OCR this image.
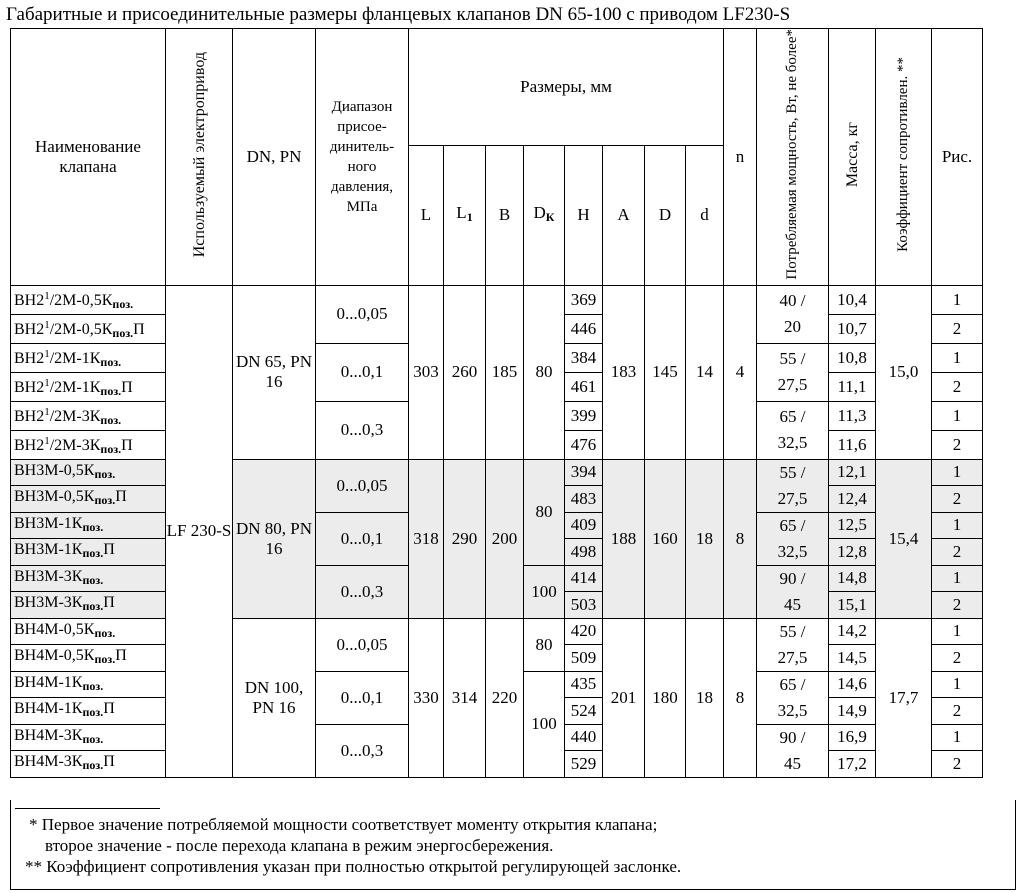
Габаритные и присоединительные размеры фланцевых клапанов DN 65-100 с приводом LF230-S
Наименование клапана	Используемый электропривод	DN, PN	Диапазон присое-динитель-ного давления, МПа	Размеры, мм								n	Потребляемая мощность, Вт, не более*	Масса, кг	Коэффициент сопротивлен. **	Рис.
				L	$L_1$	B	$D_К$	H	A	D	d					
$ВН2^1/2М-0,5К_{поз.}$	LF 230-S	DN 65, PN 16	0...0,05	303	260	185	80	369	183	145	14	4	40 / 20	10,4	15,0	1
$ВН2^1/2М-0,5К_{поз.}П$								446						10,7		2
$ВН2^1/2М-1К_{поз.}$			0...0,1					384					55 / 27,5	10,8		1
$ВН2^1/2М-1К_{поз.}П$								461						11,1		2
$ВН2^1/2М-3К_{поз.}$			0...0,3					399					65 / 32,5	11,3		1
$ВН2^1/2М-3К_{поз.}П$								476						11,6		2
$ВН3М-0,5К_{поз.}$		DN 80, PN 16	0...0,05	318	290	200	80	394	188	160	18	8	55 / 27,5	12,1	15,4	1
$ВН3М-0,5К_{поз.}П$								483						12,4		2
$ВН3М-1К_{поз.}$			0...0,1					409					65 / 32,5	12,5		1
$ВН3М-1К_{поз.}П$								498						12,8		2
$ВН3М-3К_{поз.}$			0...0,3				100	414					90 / 45	14,8		1
$ВН3М-3К_{поз.}П$								503						15,1		2
$ВН4М-0,5К_{поз.}$		DN 100, PN 16	0...0,05	330	314	220	80	420	201	180	18	8	55 / 27,5	14,2	17,7	1
$ВН4М-0,5К_{поз.}П$								509						14,5		2
$ВН4М-1К_{поз.}$			0...0,1				100	435					65 / 32,5	14,6		1
$ВН4М-1К_{поз.}П$								524						14,9		2
$ВН4М-3К_{поз.}$			0...0,3					440					90 / 45	16,9		1
$ВН4М-3К_{поз.}П$								529						17,2		2

* Первое значение потребляемой мощности соответствует моменту открытия клапана;

второе значение - после перехода клапана в режим энергосбережения.

** Коэффициент сопротивления указан при полностью открытой регулирующей заслонке.
